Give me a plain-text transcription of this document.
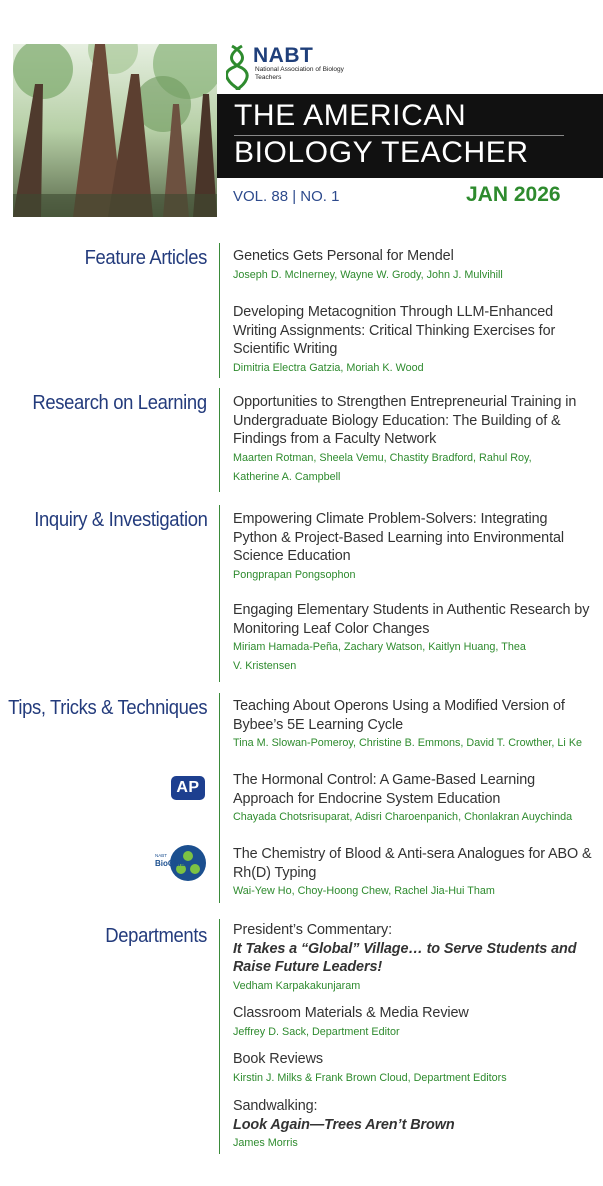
NABT
National Association of Biology Teachers
THE AMERICAN
BIOLOGY TEACHER
VOL. 88 | NO. 1	JAN 2026
Feature Articles Genetics Gets Personal for Mendel
Joseph D. McInerney, Wayne W. Grody, John J. Mulvihill
Developing Metacognition Through LLM-Enhanced Writing Assignments: Critical Thinking Exercises for Scientific Writing
Dimitria Electra Gatzia, Moriah K. Wood
Research on Learning Opportunities to Strengthen Entrepreneurial Training in Undergraduate Biology Education: The Building of & Findings from a Faculty Network
Maarten Rotman, Sheela Vemu, Chastity Bradford, Rahul Roy, Katherine A. Campbell
Inquiry & Investigation Empowering Climate Problem-Solvers: Integrating Python & Project-Based Learning into Environmental Science Education
Pongprapan Pongsophon
Engaging Elementary Students in Authentic Research by Monitoring Leaf Color Changes
Miriam Hamada-Peña, Zachary Watson, Kaitlyn Huang, Thea V. Kristensen
Tips, Tricks & Techniques Teaching About Operons Using a Modified Version of Bybee’s 5E Learning Cycle
Tina M. Slowan-Pomeroy, Christine B. Emmons, David T. Crowther, Li Ke
AP	The Hormonal Control: A Game-Based Learning Approach for Endocrine System Education
Chayada Chotsrisuparat, Adisri Charoenpanich, Chonlakran Auychinda
NABT
BioClub
The Chemistry of Blood & Anti-sera Analogues for ABO & Rh(D) Typing
Wai-Yew Ho, Choy-Hoong Chew, Rachel Jia-Hui Tham
Departments President’s Commentary:
It Takes a “Global” Village… to Serve Students and Raise Future Leaders!
Vedham Karpakakunjaram
Classroom Materials & Media Review
Jeffrey D. Sack, Department Editor
Book Reviews
Kirstin J. Milks & Frank Brown Cloud, Department Editors
Sandwalking:
Look Again—Trees Aren’t Brown
James Morris
